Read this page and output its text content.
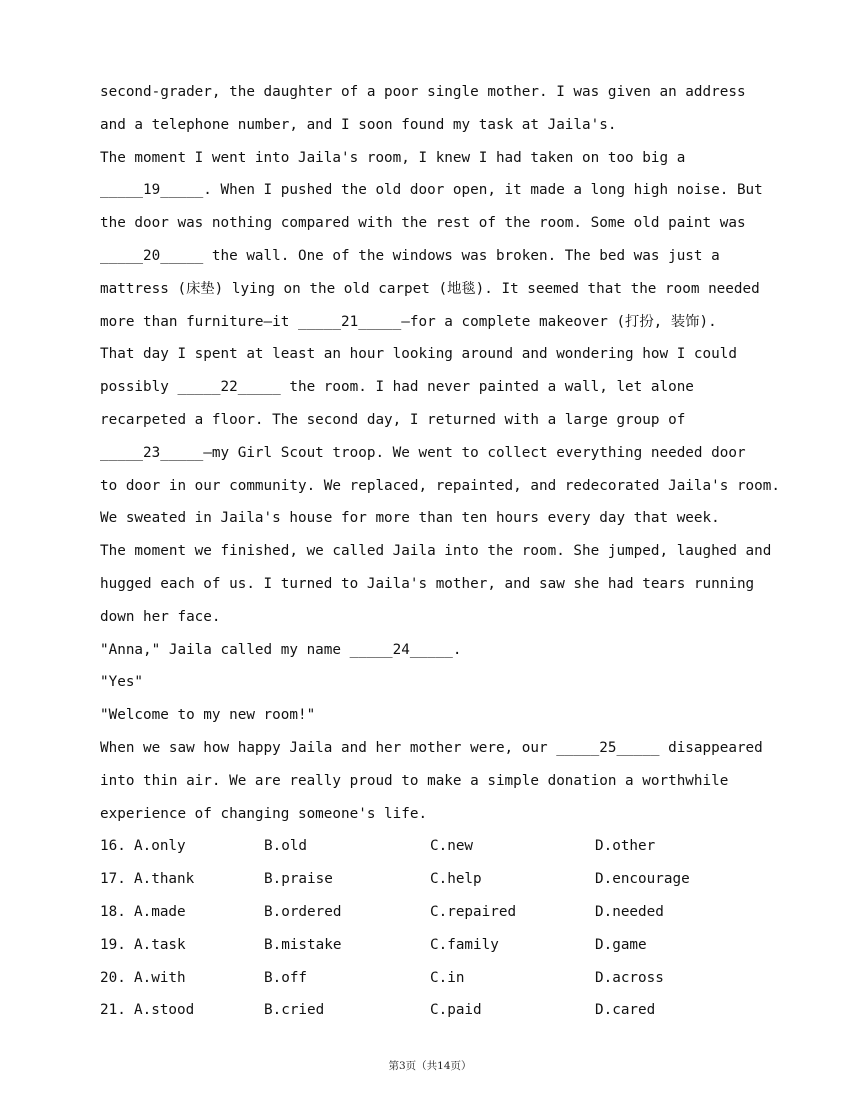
second-grader, the daughter of a poor single mother. I was given an address
and a telephone number, and I soon found my task at Jaila's.
The moment I went into Jaila's room, I knew I had taken on too big a
_____19_____. When I pushed the old door open, it made a long high noise. But
the door was nothing compared with the rest of the room. Some old paint was
_____20_____ the wall. One of the windows was broken. The bed was just a
mattress (床垫) lying on the old carpet (地毯). It seemed that the room needed
more than furniture—it _____21_____—for a complete makeover (打扮, 装饰).
That day I spent at least an hour looking around and wondering how I could
possibly _____22_____ the room. I had never painted a wall, let alone
recarpeted a floor. The second day, I returned with a large group of
_____23_____—my Girl Scout troop. We went to collect everything needed door
to door in our community. We replaced, repainted, and redecorated Jaila's room.
We sweated in Jaila's house for more than ten hours every day that week.
The moment we finished, we called Jaila into the room. She jumped, laughed and
hugged each of us. I turned to Jaila's mother, and saw she had tears running
down her face.
"Anna," Jaila called my name _____24_____.
"Yes"
"Welcome to my new room!"
When we saw how happy Jaila and her mother were, our _____25_____ disappeared
into thin air. We are really proud to make a simple donation a worthwhile
experience of changing someone's life.
16. A.only	B.old	C.new	D.other
17. A.thank	B.praise	C.help	D.encourage
18. A.made	B.ordered	C.repaired	D.needed
19. A.task	B.mistake	C.family	D.game
20. A.with	B.off	C.in	D.across
21. A.stood	B.cried	C.paid	D.cared
第3页（共14页）
